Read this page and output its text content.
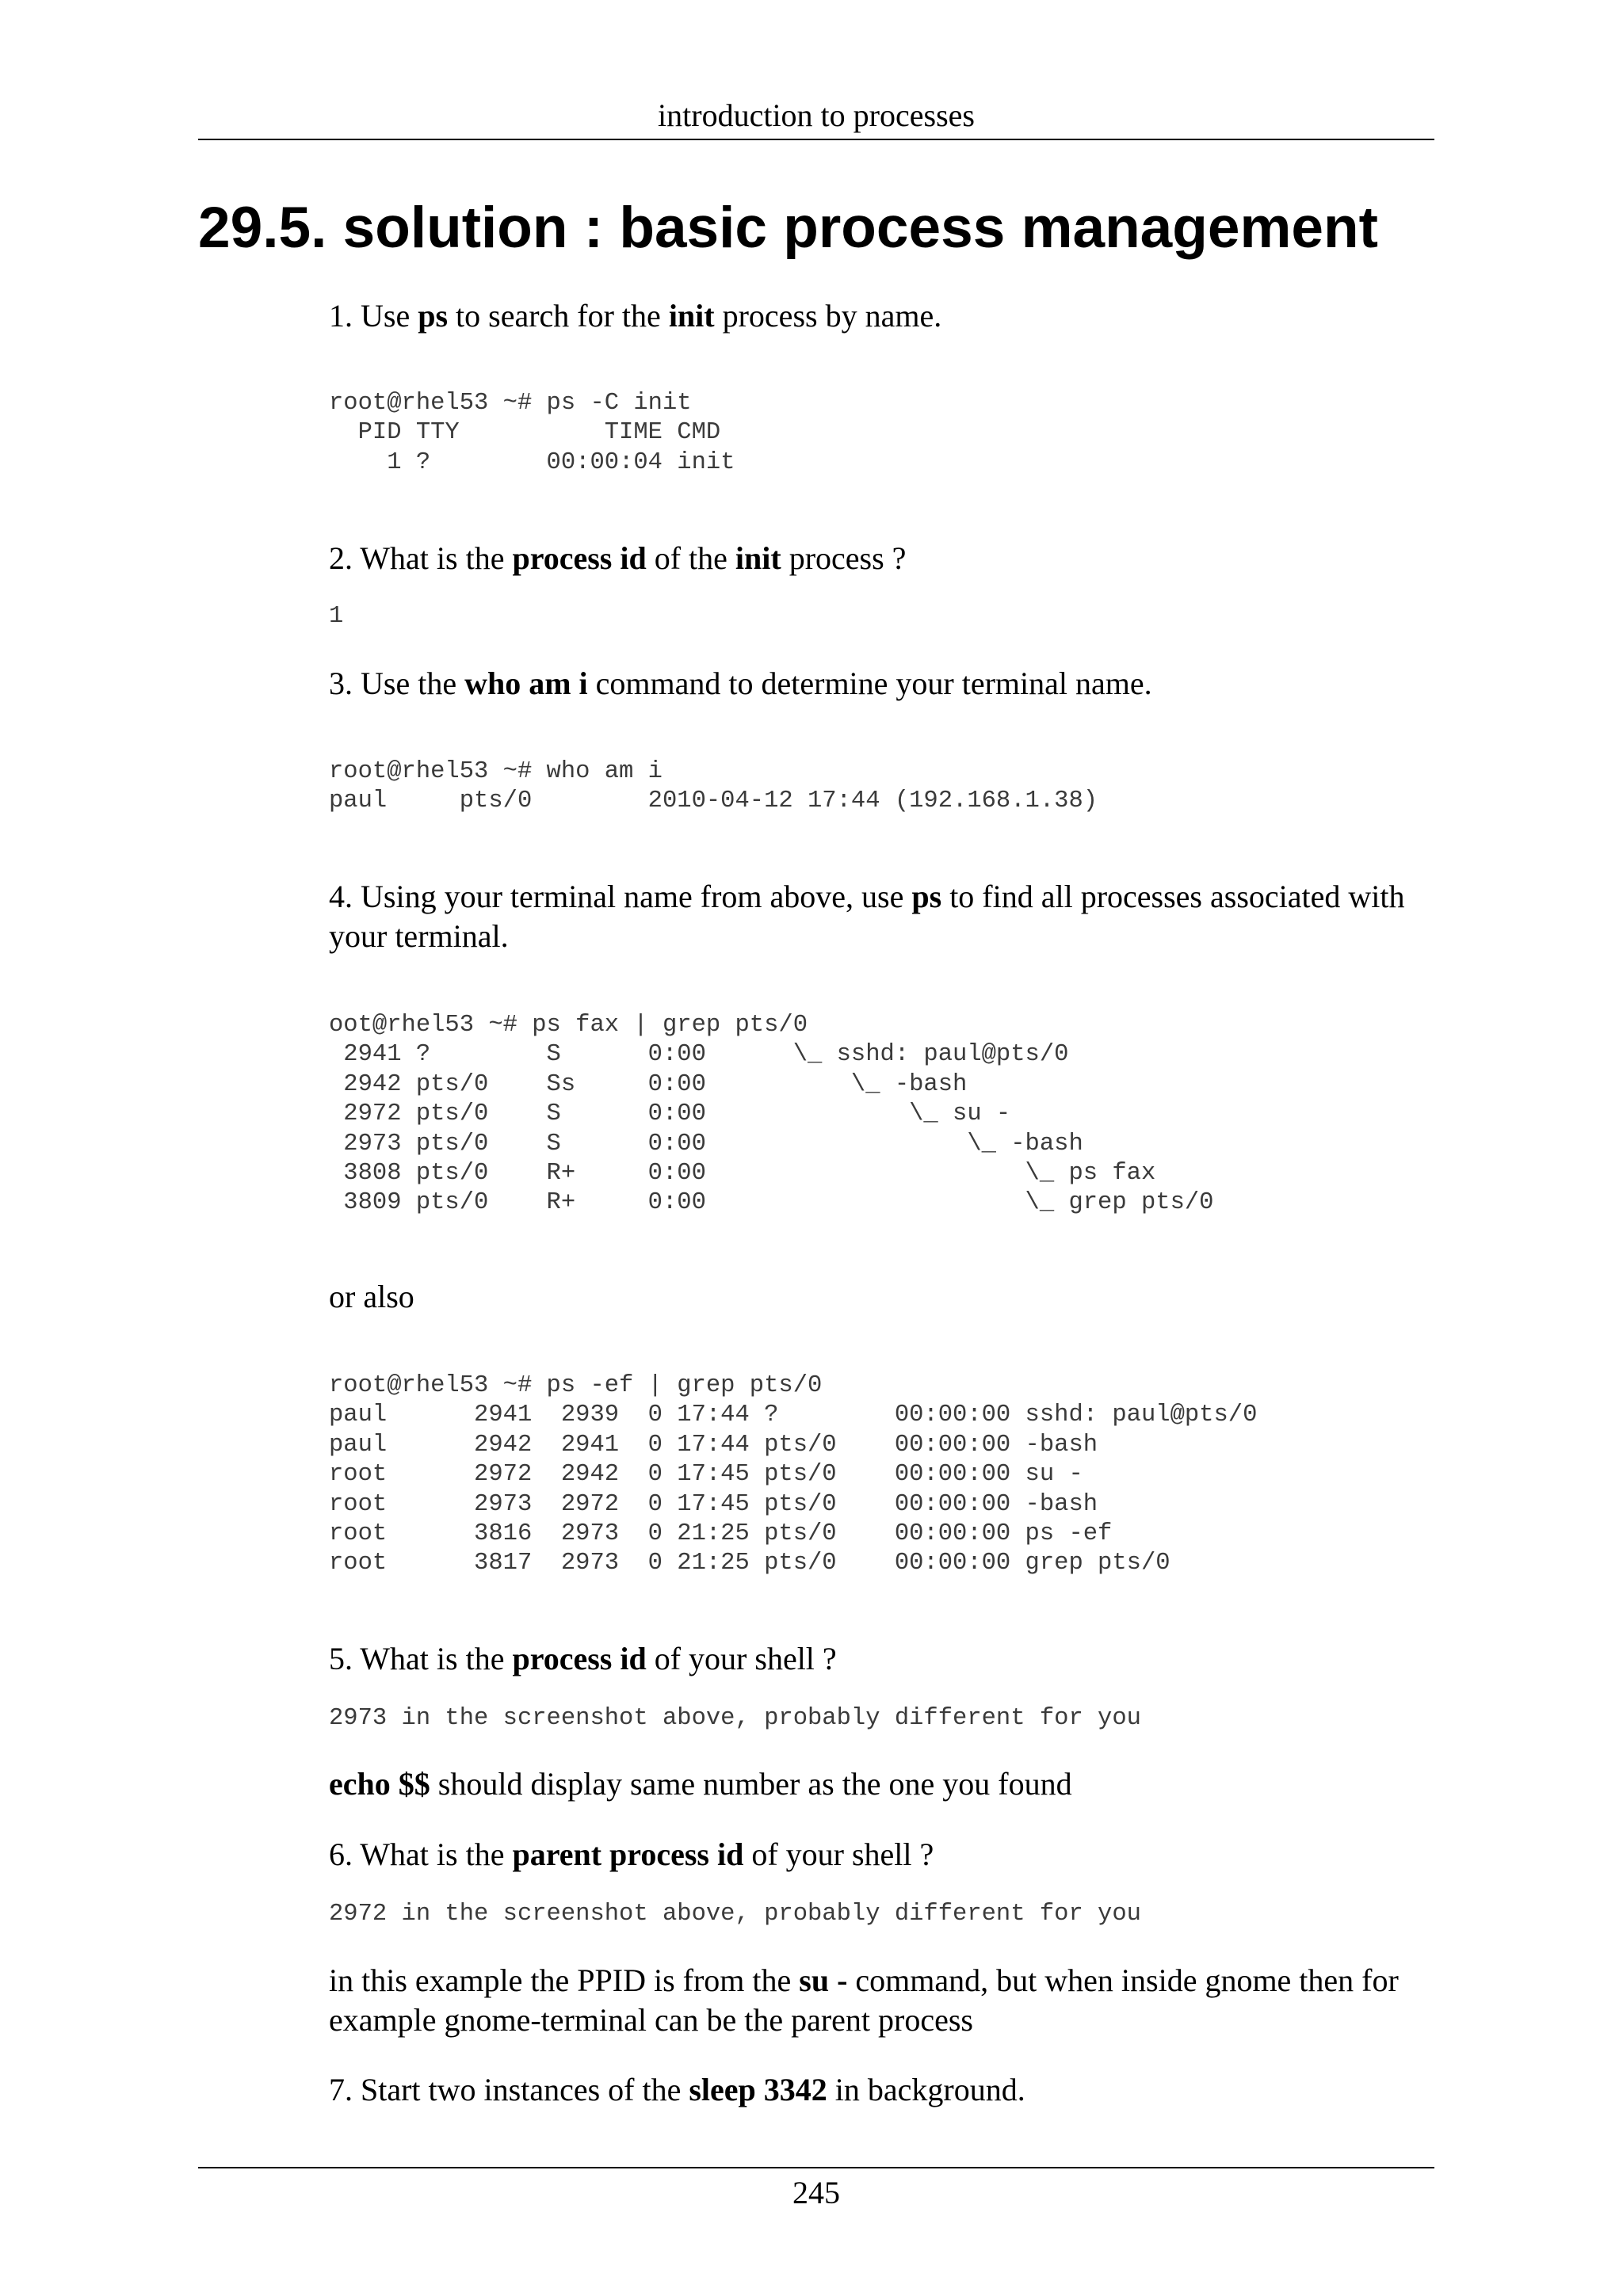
introduction to processes
29.5. solution : basic process management

1. Use ps to search for the init process by name.

root@rhel53 ~# ps -C init
PID TTY          TIME CMD
1 ?        00:00:04 init

2. What is the process id of the init process ?

1

3. Use the who am i command to determine your terminal name.

root@rhel53 ~# who am i
paul     pts/0        2010-04-12 17:44 (192.168.1.38)

4. Using your terminal name from above, use ps to find all processes associated with your terminal.

oot@rhel53 ~# ps fax | grep pts/0
2941 ?        S      0:00      \_ sshd: paul@pts/0
2942 pts/0    Ss     0:00          \_ -bash
2972 pts/0    S      0:00              \_ su -
2973 pts/0    S      0:00                  \_ -bash
3808 pts/0    R+     0:00                      \_ ps fax
3809 pts/0    R+     0:00                      \_ grep pts/0

or also

root@rhel53 ~# ps -ef | grep pts/0
paul      2941  2939  0 17:44 ?        00:00:00 sshd: paul@pts/0
paul      2942  2941  0 17:44 pts/0    00:00:00 -bash
root      2972  2942  0 17:45 pts/0    00:00:00 su -
root      2973  2972  0 17:45 pts/0    00:00:00 -bash
root      3816  2973  0 21:25 pts/0    00:00:00 ps -ef
root      3817  2973  0 21:25 pts/0    00:00:00 grep pts/0

5. What is the process id of your shell ?

2973 in the screenshot above, probably different for you

echo $$ should display same number as the one you found

6. What is the parent process id of your shell ?

2972 in the screenshot above, probably different for you

in this example the PPID is from the su - command, but when inside gnome then for example gnome-terminal can be the parent process

7. Start two instances of the sleep 3342 in background.

245
